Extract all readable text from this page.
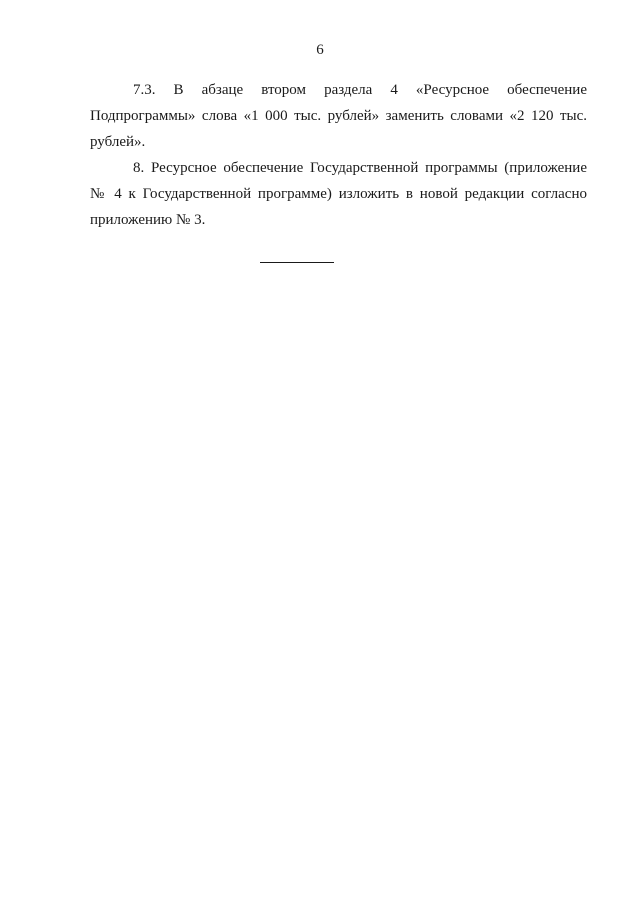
6

7.3. В абзаце втором раздела 4 «Ресурсное обеспечение Подпрограммы» слова «1 000 тыс. рублей» заменить словами «2 120 тыс. рублей».

8. Ресурсное обеспечение Государственной программы (приложение № 4 к Государственной программе) изложить в новой редакции согласно приложению № 3.
